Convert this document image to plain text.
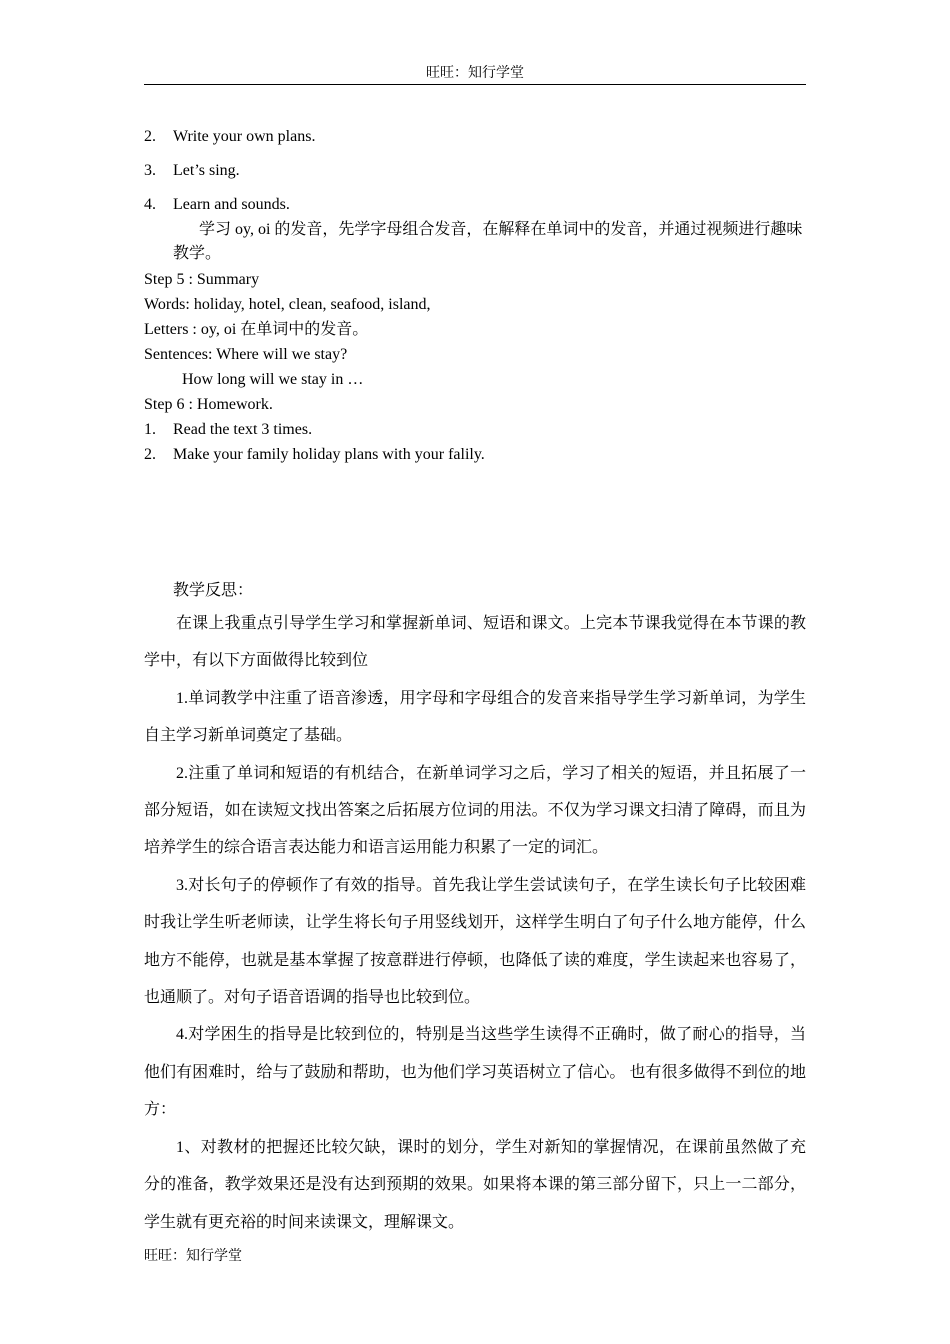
旺旺：知行学堂
2. Write your own plans.
3. Let’s sing.
4. Learn and sounds.
学习 oy, oi 的发音，先学字母组合发音，在解释在单词中的发音，并通过视频进行趣味教学。
Step 5 : Summary
Words: holiday, hotel, clean, seafood, island,
Letters : oy, oi 在单词中的发音。
Sentences: Where will we stay?
How long will we stay in …
Step 6 : Homework.
1. Read the text 3 times.
2. Make your family holiday plans with your falily.
教学反思：

在课上我重点引导学生学习和掌握新单词、短语和课文。上完本节课我觉得在本节课的教学中，有以下方面做得比较到位

1.单词教学中注重了语音渗透，用字母和字母组合的发音来指导学生学习新单词，为学生自主学习新单词奠定了基础。

2.注重了单词和短语的有机结合，在新单词学习之后，学习了相关的短语，并且拓展了一部分短语，如在读短文找出答案之后拓展方位词的用法。不仅为学习课文扫清了障碍，而且为培养学生的综合语言表达能力和语言运用能力积累了一定的词汇。

3.对长句子的停顿作了有效的指导。首先我让学生尝试读句子，在学生读长句子比较困难时我让学生听老师读，让学生将长句子用竖线划开，这样学生明白了句子什么地方能停，什么地方不能停，也就是基本掌握了按意群进行停顿，也降低了读的难度，学生读起来也容易了，也通顺了。对句子语音语调的指导也比较到位。

4.对学困生的指导是比较到位的，特别是当这些学生读得不正确时，做了耐心的指导，当他们有困难时，给与了鼓励和帮助，也为他们学习英语树立了信心。 也有很多做得不到位的地方：

1、对教材的把握还比较欠缺，课时的划分，学生对新知的掌握情况，在课前虽然做了充分的准备，教学效果还是没有达到预期的效果。如果将本课的第三部分留下，只上一二部分，学生就有更充裕的时间来读课文，理解课文。

旺旺：知行学堂
